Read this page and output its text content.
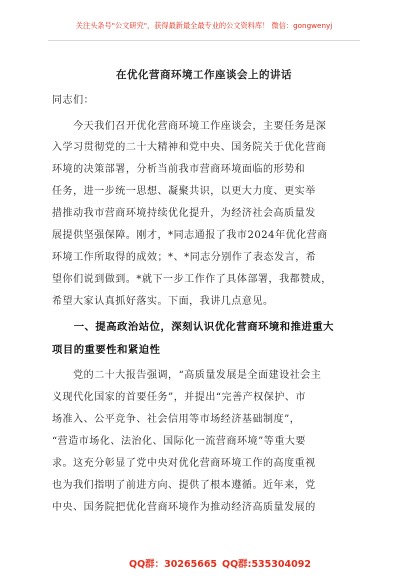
关注头条号"公文研究"，获得最新最全最专业的公文资料库！ 微信：gongwenyj
在优化营商环境工作座谈会上的讲话
同志们：
　　今天我们召开优化营商环境工作座谈会，主要任务是深
入学习贯彻党的二十大精神和党中央、国务院关于优化营商
环境的决策部署，分析当前我市营商环境面临的形势和
任务，进一步统一思想、凝聚共识，以更大力度、更实举
措推动我市营商环境持续优化提升，为经济社会高质量发
展提供坚强保障。刚才，*同志通报了我市2024年优化营商
环境工作所取得的成效；*、*同志分别作了表态发言，希
望你们说到做到。*就下一步工作作了具体部署，我都赞成，
希望大家认真抓好落实。下面，我讲几点意见。
　　一、提高政治站位，深刻认识优化营商环境和推进重大
项目的重要性和紧迫性
　　党的二十大报告强调，“高质量发展是全面建设社会主
义现代化国家的首要任务”，并提出“完善产权保护、市
场准入、公平竞争、社会信用等市场经济基础制度”，
“营造市场化、法治化、国际化一流营商环境”等重大要
求。这充分彰显了党中央对优化营商环境工作的高度重视
也为我们指明了前进方向、提供了根本遵循。近年来，党
中央、国务院把优化营商环境作为推动经济高质量发展的
QQ群：30265665 QQ群:535304092
